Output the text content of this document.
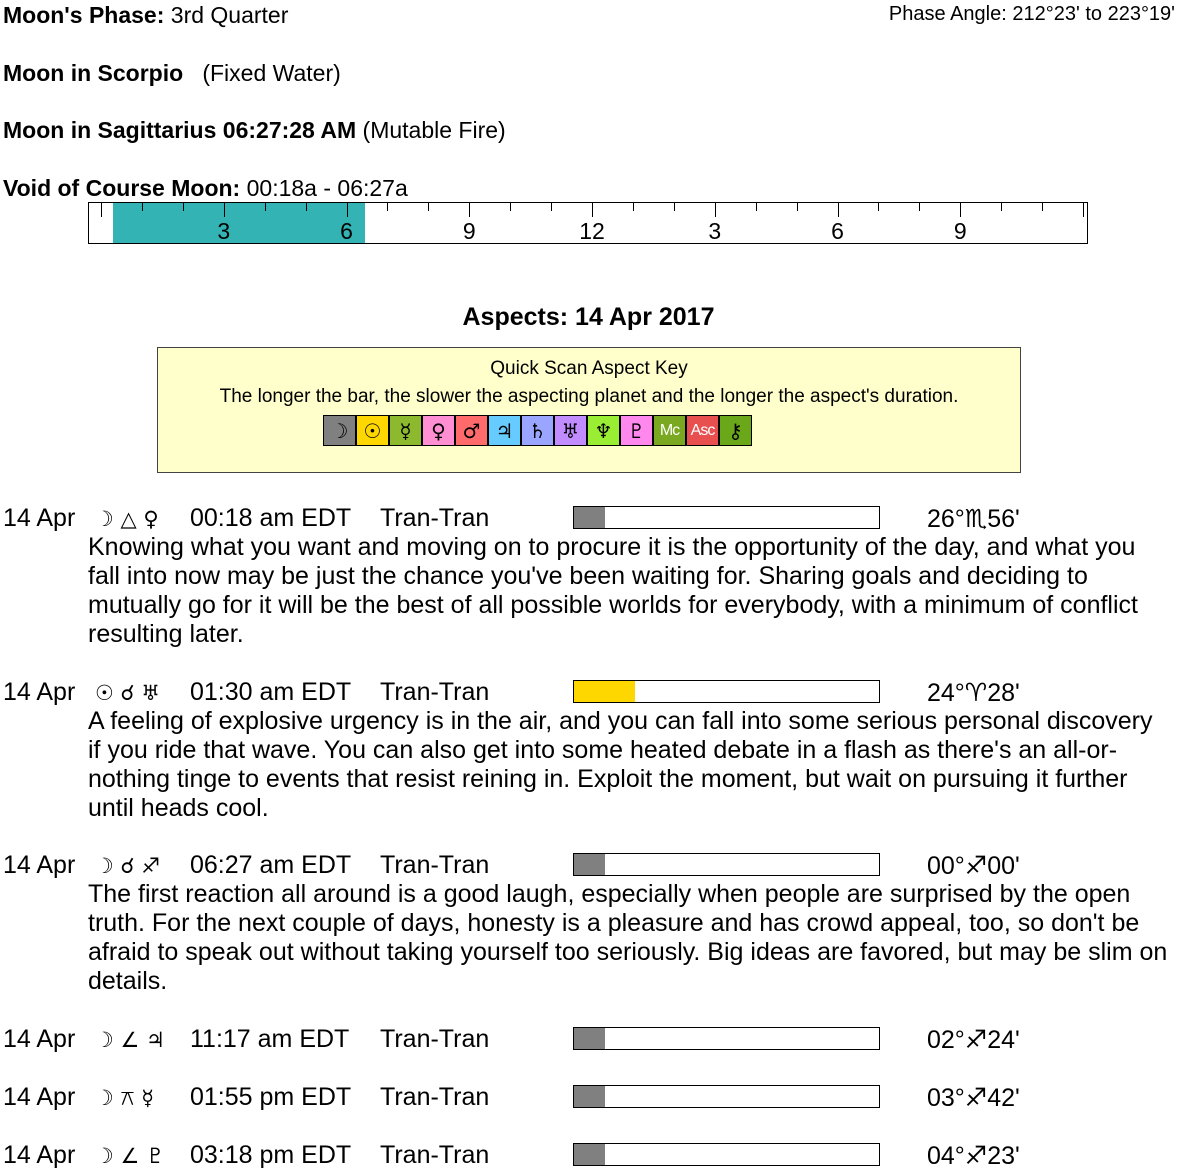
Moon's Phase: 3rd Quarter	Phase Angle: 212°23' to 223°19'
Moon in Scorpio (Fixed Water)
Moon in Sagittarius 06:27:28 AM (Mutable Fire)
Void of Course Moon: 00:18a - 06:27a
3	6	9	12	3	6	9
Aspects: 14 Apr 2017
Quick Scan Aspect Key
The longer the bar, the slower the aspecting planet and the longer the aspect's duration.
☽ ☉ ☿ ♀ ♂ ♃ ♄ ♅ ♆ ♇ Mc Asc ⚷
14 Apr ☽ △ ♀ 00:18 am EDT Tran-Tran	26°♏56'
Knowing what you want and moving on to procure it is the opportunity of the day, and what you fall into now may be just the chance you've been waiting for. Sharing goals and deciding to mutually go for it will be the best of all possible worlds for everybody, with a minimum of conflict resulting later.
14 Apr ☉ ☌ ♅ 01:30 am EDT Tran-Tran	24°♈28'
A feeling of explosive urgency is in the air, and you can fall into some serious personal discovery if you ride that wave. You can also get into some heated debate in a flash as there's an all-or-nothing tinge to events that resist reining in. Exploit the moment, but wait on pursuing it further until heads cool.
14 Apr ☽ ☌ ♐ 06:27 am EDT Tran-Tran	00°♐00'
The first reaction all around is a good laugh, especially when people are surprised by the open truth. For the next couple of days, honesty is a pleasure and has crowd appeal, too, so don't be afraid to speak out without taking yourself too seriously. Big ideas are favored, but may be slim on details.
14 Apr ☽ ∠ ♃ 11:17 am EDT Tran-Tran	02°♐24'
14 Apr ☽ ⚻ ☿ 01:55 pm EDT Tran-Tran	03°♐42'
14 Apr ☽ ∠ ♇ 03:18 pm EDT Tran-Tran	04°♐23'
